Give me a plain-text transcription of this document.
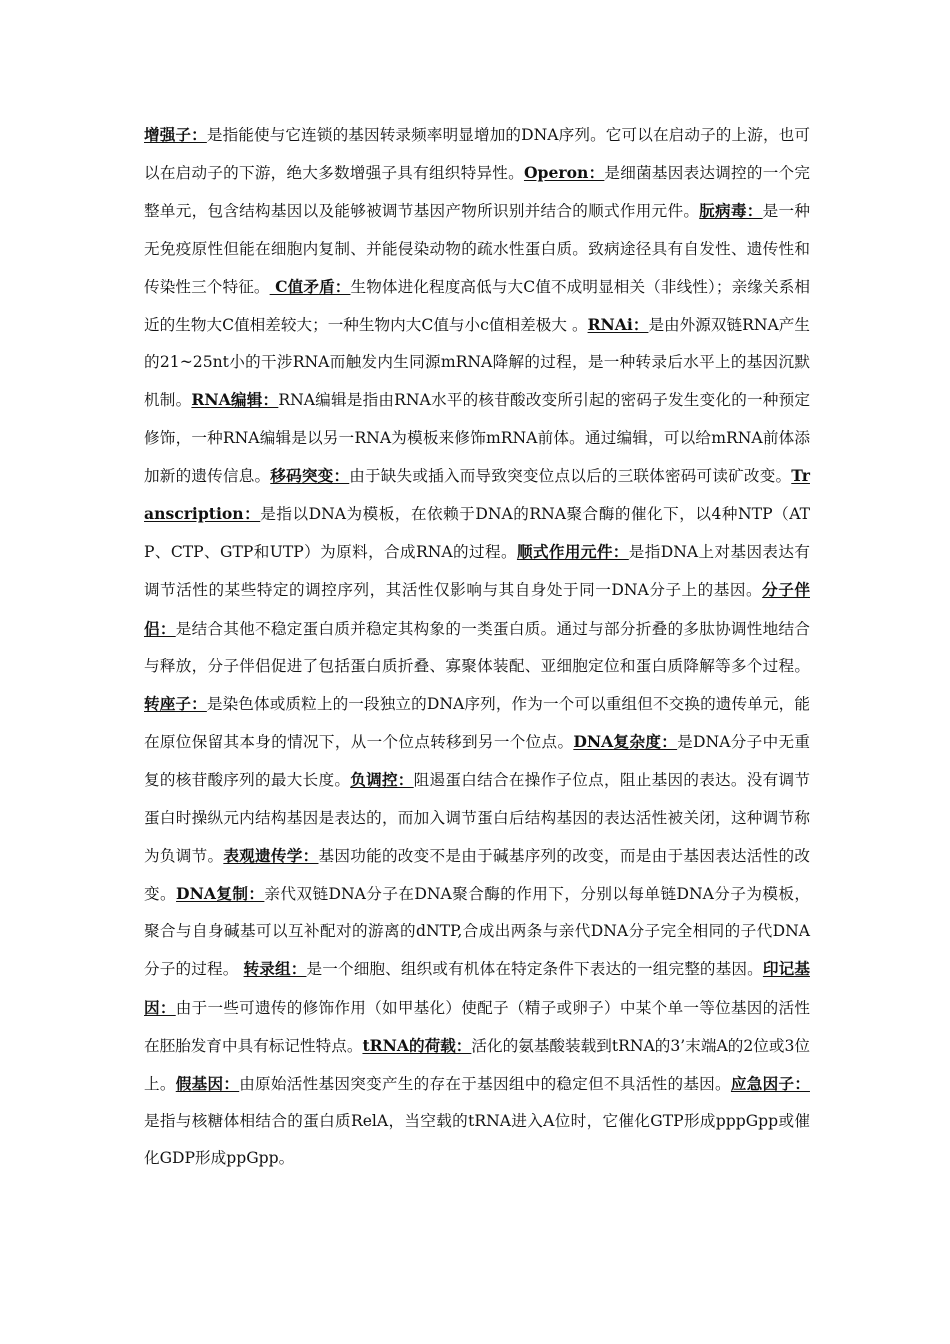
增强子：是指能使与它连锁的基因转录频率明显增加的DNA序列。它可以在启动子的上游，也可以在启动子的下游，绝大多数增强子具有组织特异性。Operon：是细菌基因表达调控的一个完整单元，包含结构基因以及能够被调节基因产物所识别并结合的顺式作用元件。朊病毒：是一种无免疫原性但能在细胞内复制、并能侵染动物的疏水性蛋白质。致病途径具有自发性、遗传性和传染性三个特征。 C值矛盾：生物体进化程度高低与大C值不成明显相关（非线性）；亲缘关系相近的生物大C值相差较大；一种生物内大C值与小c值相差极大 。RNAi：是由外源双链RNA产生的21~25nt小的干涉RNA而触发内生同源mRNA降解的过程，是一种转录后水平上的基因沉默机制。RNA编辑：RNA编辑是指由RNA水平的核苷酸改变所引起的密码子发生变化的一种预定修饰，一种RNA编辑是以另一RNA为模板来修饰mRNA前体。通过编辑，可以给mRNA前体添加新的遗传信息。移码突变：由于缺失或插入而导致突变位点以后的三联体密码可读矿改变。Transcription：是指以DNA为模板，在依赖于DNA的RNA聚合酶的催化下，以4种NTP（ATP、CTP、GTP和UTP）为原料，合成RNA的过程。顺式作用元件：是指DNA上对基因表达有调节活性的某些特定的调控序列，其活性仅影响与其自身处于同一DNA分子上的基因。分子伴侣：是结合其他不稳定蛋白质并稳定其构象的一类蛋白质。通过与部分折叠的多肽协调性地结合与释放，分子伴侣促进了包括蛋白质折叠、寡聚体装配、亚细胞定位和蛋白质降解等多个过程。转座子：是染色体或质粒上的一段独立的DNA序列，作为一个可以重组但不交换的遗传单元，能在原位保留其本身的情况下，从一个位点转移到另一个位点。DNA复杂度：是DNA分子中无重复的核苷酸序列的最大长度。负调控：阻遏蛋白结合在操作子位点，阻止基因的表达。没有调节蛋白时操纵元内结构基因是表达的，而加入调节蛋白后结构基因的表达活性被关闭，这种调节称为负调节。表观遗传学：基因功能的改变不是由于碱基序列的改变，而是由于基因表达活性的改变。DNA复制：亲代双链DNA分子在DNA聚合酶的作用下，分别以每单链DNA分子为模板，聚合与自身碱基可以互补配对的游离的dNTP,合成出两条与亲代DNA分子完全相同的子代DNA分子的过程。 转录组：是一个细胞、组织或有机体在特定条件下表达的一组完整的基因。印记基因：由于一些可遗传的修饰作用（如甲基化）使配子（精子或卵子）中某个单一等位基因的活性在胚胎发育中具有标记性特点。tRNA的荷载：活化的氨基酸装载到tRNA的3’末端A的2位或3位上。假基因：由原始活性基因突变产生的存在于基因组中的稳定但不具活性的基因。应急因子：是指与核糖体相结合的蛋白质RelA，当空载的tRNA进入A位时，它催化GTP形成pppGpp或催化GDP形成ppGpp。
